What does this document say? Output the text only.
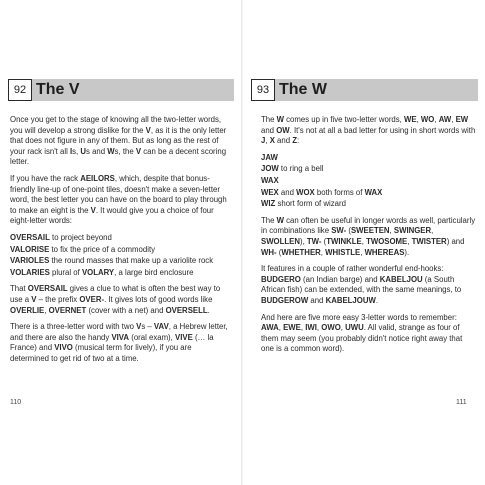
92 The V

Once you get to the stage of knowing all the two-letter words, you will develop a strong dislike for the V, as it is the only letter that does not figure in any of them. But as long as the rest of your rack isn't all Is, Us and Ws, the V can be a decent scoring letter.

If you have the rack AEILORS, which, despite that bonus-friendly line-up of one-point tiles, doesn't make a seven-letter word, the best letter you can have on the board to play through to make an eight is the V. It would give you a choice of four eight-letter words:

OVERSAIL to project beyond

VALORISE to fix the price of a commodity

VARIOLES the round masses that make up a variolite rock

VOLARIES plural of VOLARY, a large bird enclosure

That OVERSAIL gives a clue to what is often the best way to use a V – the prefix OVER-. It gives lots of good words like OVERLIE, OVERNET (cover with a net) and OVERSELL.

There is a three-letter word with two Vs – VAV, a Hebrew letter, and there are also the handy VIVA (oral exam), VIVE (… la France) and VIVO (musical term for lively), if you are determined to get rid of two at a time.

110
93 The W

The W comes up in five two-letter words, WE, WO, AW, EW and OW. It's not at all a bad letter for using in short words with J, X and Z:

JAW

JOW to ring a bell

WAX

WEX and WOX both forms of WAX

WIZ short form of wizard

The W can often be useful in longer words as well, particularly in combinations like SW- (SWEETEN, SWINGER, SWOLLEN), TW- (TWINKLE, TWOSOME, TWISTER) and WH- (WHETHER, WHISTLE, WHEREAS).

It features in a couple of rather wonderful end-hooks: BUDGERO (an Indian barge) and KABELJOU (a South African fish) can be extended, with the same meanings, to BUDGEROW and KABELJOUW.

And here are five more easy 3-letter words to remember: AWA, EWE, IWI, OWO, UWU. All valid, strange as four of them may seem (you probably didn't notice right away that one is a common word).

111
